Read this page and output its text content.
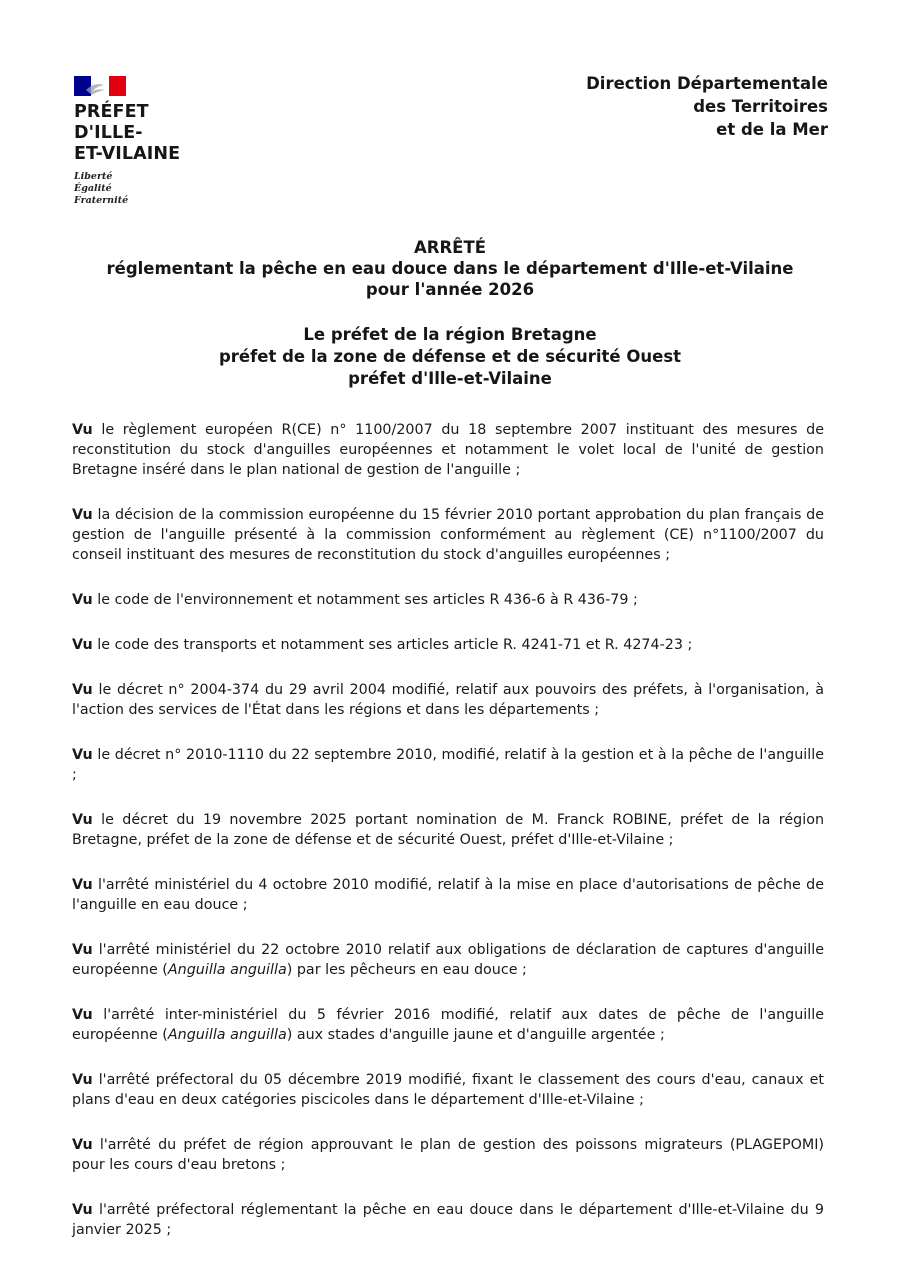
PRÉFET
D'ILLE-
ET-VILAINE
Liberté
Égalité
Fraternité
Direction Départementale
des Territoires
et de la Mer
ARRÊTÉ
réglementant la pêche en eau douce dans le département d'Ille-et-Vilaine
pour l'année 2026
Le préfet de la région Bretagne
préfet de la zone de défense et de sécurité Ouest
préfet d'Ille-et-Vilaine

Vu le règlement européen R(CE) n° 1100/2007 du 18 septembre 2007 instituant des mesures de reconstitution du stock d'anguilles européennes et notamment le volet local de l'unité de gestion Bretagne inséré dans le plan national de gestion de l'anguille ;

Vu la décision de la commission européenne du 15 février 2010 portant approbation du plan français de gestion de l'anguille présenté à la commission conformément au règlement (CE) n°1100/2007 du conseil instituant des mesures de reconstitution du stock d'anguilles européennes ;

Vu le code de l'environnement et notamment ses articles R 436-6 à R 436-79 ;

Vu le code des transports et notamment ses articles article R. 4241-71 et R. 4274-23 ;

Vu le décret n° 2004-374 du 29 avril 2004 modifié, relatif aux pouvoirs des préfets, à l'organisation, à l'action des services de l'État dans les régions et dans les départements ;

Vu le décret n° 2010-1110 du 22 septembre 2010, modifié, relatif à la gestion et à la pêche de l'anguille ;

Vu le décret du 19 novembre 2025 portant nomination de M. Franck ROBINE, préfet de la région Bretagne, préfet de la zone de défense et de sécurité Ouest, préfet d'Ille-et-Vilaine ;

Vu l'arrêté ministériel du 4 octobre 2010 modifié, relatif à la mise en place d'autorisations de pêche de l'anguille en eau douce ;

Vu l'arrêté ministériel du 22 octobre 2010 relatif aux obligations de déclaration de captures d'anguille européenne (Anguilla anguilla) par les pêcheurs en eau douce ;

Vu l'arrêté inter-ministériel du 5 février 2016 modifié, relatif aux dates de pêche de l'anguille européenne (Anguilla anguilla) aux stades d'anguille jaune et d'anguille argentée ;

Vu l'arrêté préfectoral du 05 décembre 2019 modifié, fixant le classement des cours d'eau, canaux et plans d'eau en deux catégories piscicoles dans le département d'Ille-et-Vilaine ;

Vu l'arrêté du préfet de région approuvant le plan de gestion des poissons migrateurs (PLAGEPOMI) pour les cours d'eau bretons ;

Vu l'arrêté préfectoral réglementant la pêche en eau douce dans le département d'Ille-et-Vilaine du 9 janvier 2025 ;
